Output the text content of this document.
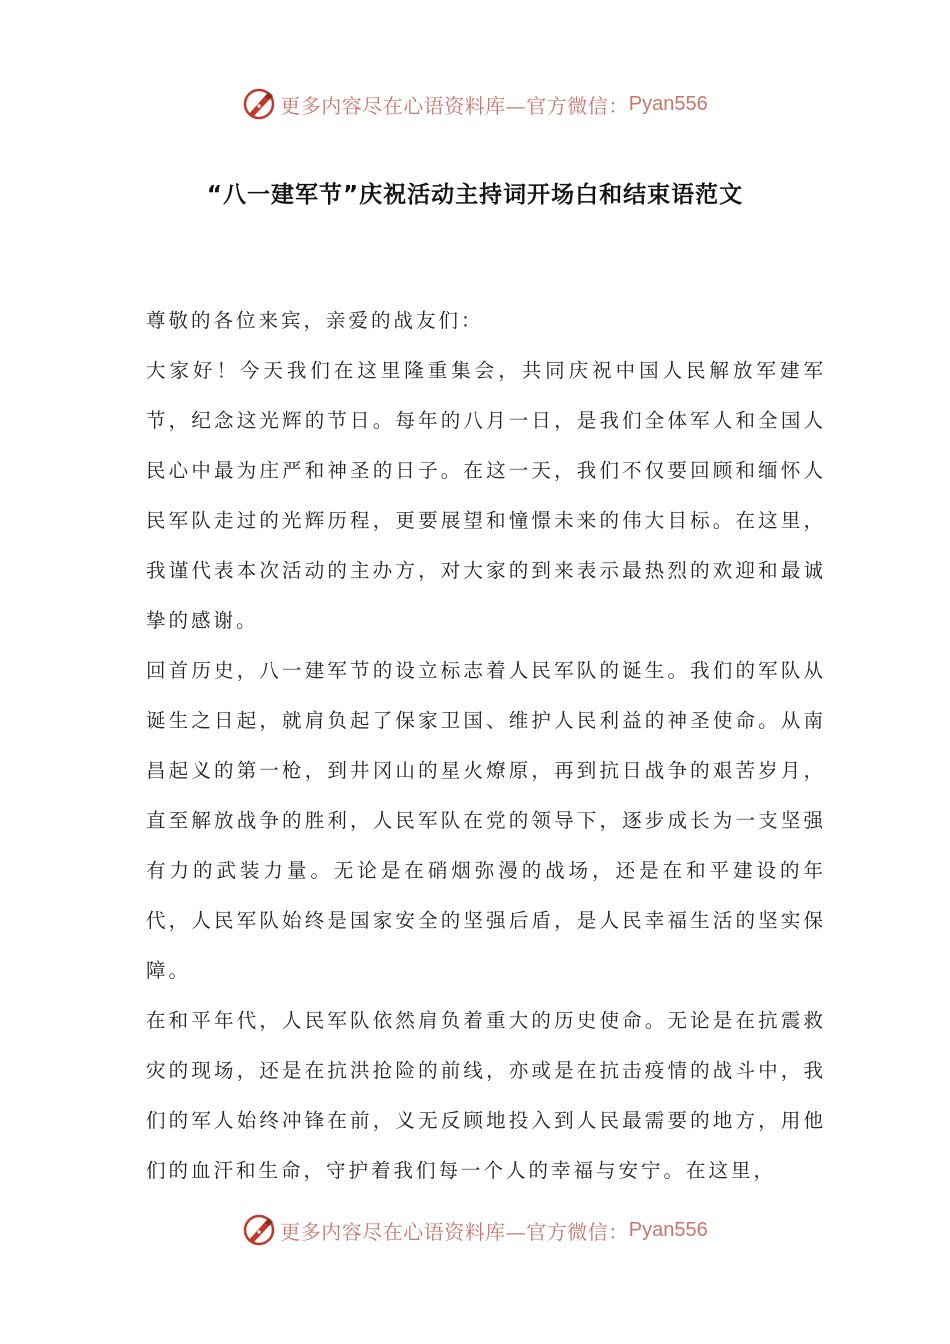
更多内容尽在心语资料库—官方微信： Pyan556
“八一建军节”庆祝活动主持词开场白和结束语范文

尊敬的各位来宾，亲爱的战友们：

大家好！今天我们在这里隆重集会，共同庆祝中国人民解放军建军节，纪念这光辉的节日。每年的八月一日，是我们全体军人和全国人民心中最为庄严和神圣的日子。在这一天，我们不仅要回顾和缅怀人民军队走过的光辉历程，更要展望和憧憬未来的伟大目标。在这里，我谨代表本次活动的主办方，对大家的到来表示最热烈的欢迎和最诚挚的感谢。

回首历史，八一建军节的设立标志着人民军队的诞生。我们的军队从诞生之日起，就肩负起了保家卫国、维护人民利益的神圣使命。从南昌起义的第一枪，到井冈山的星火燎原，再到抗日战争的艰苦岁月，直至解放战争的胜利，人民军队在党的领导下，逐步成长为一支坚强有力的武装力量。无论是在硝烟弥漫的战场，还是在和平建设的年代，人民军队始终是国家安全的坚强后盾，是人民幸福生活的坚实保障。

在和平年代，人民军队依然肩负着重大的历史使命。无论是在抗震救灾的现场，还是在抗洪抢险的前线，亦或是在抗击疫情的战斗中，我们的军人始终冲锋在前，义无反顾地投入到人民最需要的地方，用他们的血汗和生命，守护着我们每一个人的幸福与安宁。在这里，

更多内容尽在心语资料库—官方微信： Pyan556
